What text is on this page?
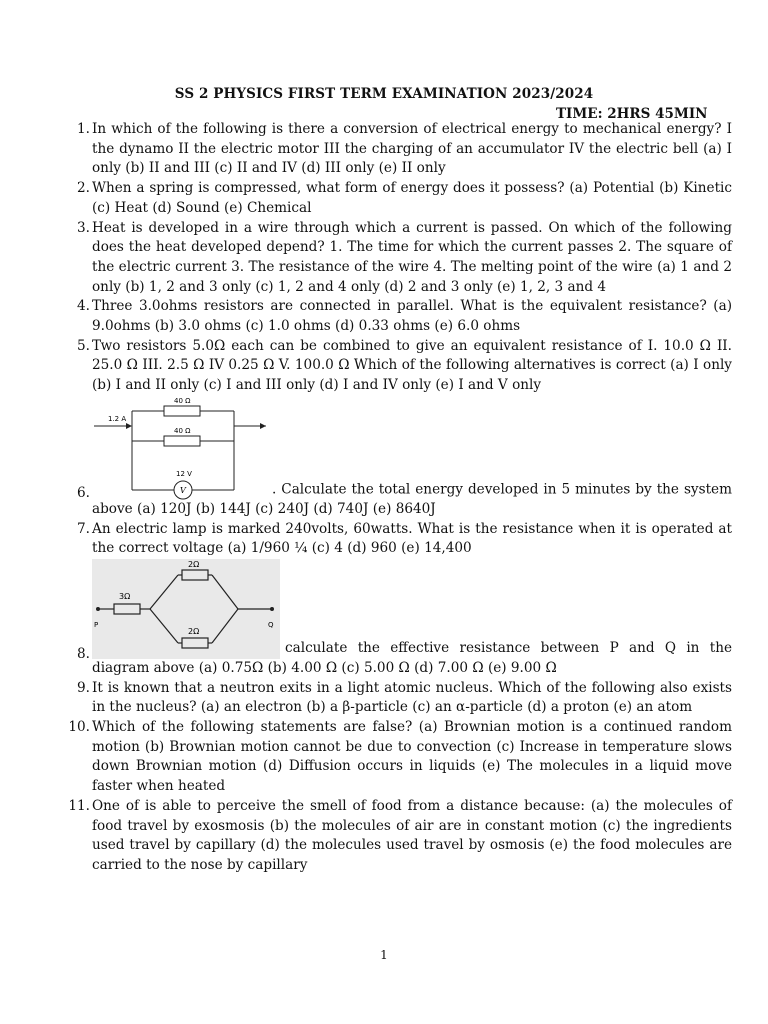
SS 2 PHYSICS FIRST TERM EXAMINATION 2023/2024
TIME: 2HRS 45MIN
1. In which of the following is there a conversion of electrical energy to mechanical energy? I the dynamo II the electric motor III the charging of an accumulator IV the electric bell (a) I only (b) II and III (c) II and IV (d) III only (e) II only
2. When a spring is compressed, what form of energy does it possess? (a) Potential (b) Kinetic (c) Heat (d) Sound (e) Chemical
3. Heat is developed in a wire through which a current is passed. On which of the following does the heat developed depend? 1. The time for which the current passes 2. The square of the electric current 3. The resistance of the wire 4. The melting point of the wire (a) 1 and 2 only (b) 1, 2 and 3 only (c) 1, 2 and 4 only (d) 2 and 3 only (e) 1, 2, 3 and 4
4. Three 3.0ohms resistors are connected in parallel. What is the equivalent resistance? (a) 9.0ohms (b) 3.0 ohms (c) 1.0 ohms (d) 0.33 ohms (e) 6.0 ohms
5. Two resistors 5.0Ω each can be combined to give an equivalent resistance of I. 10.0 Ω II. 25.0 Ω III. 2.5 Ω IV 0.25 Ω V. 100.0 Ω Which of the following alternatives is correct (a) I only (b) I and II only (c) I and III only (d) I and IV only (e) I and V only
6.
1.2 A
40 Ω
40 Ω
V
12 V
. Calculate the total energy developed in 5 minutes by the system above (a) 120J (b) 144J (c) 240J (d) 740J (e) 8640J
7. An electric lamp is marked 240volts, 60watts. What is the resistance when it is operated at the correct voltage (a) 1/960 ¼ (c) 4 (d) 960 (e) 14,400
8.
P
3Ω
2Ω
2Ω
Q
calculate the effective resistance between P and Q in the diagram above (a) 0.75Ω (b) 4.00 Ω (c) 5.00 Ω (d) 7.00 Ω (e) 9.00 Ω
9. It is known that a neutron exits in a light atomic nucleus. Which of the following also exists in the nucleus? (a) an electron (b) a β-particle (c) an α-particle (d) a proton (e) an atom
10. Which of the following statements are false? (a) Brownian motion is a continued random motion (b) Brownian motion cannot be due to convection (c) Increase in temperature slows down Brownian motion (d) Diffusion occurs in liquids (e) The molecules in a liquid move faster when heated
11. One of is able to perceive the smell of food from a distance because: (a) the molecules of food travel by exosmosis (b) the molecules of air are in constant motion (c) the ingredients used travel by capillary (d) the molecules used travel by osmosis (e) the food molecules are carried to the nose by capillary
1
